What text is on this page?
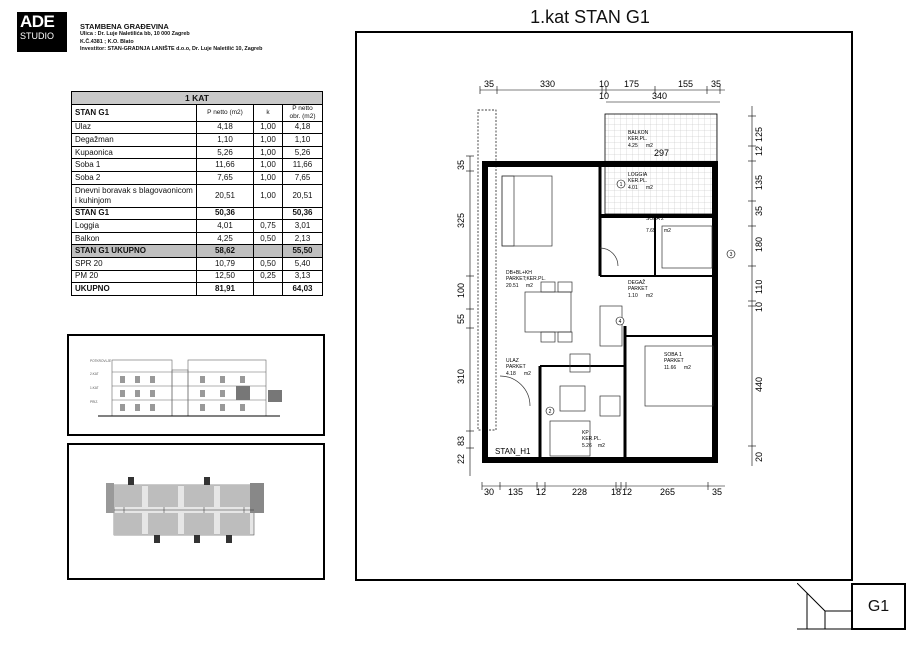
ADE
STUDIO
STAMBENA GRAĐEVINA
Ulica : Dr. Luje Naletilića bb, 10 000 Zagreb
K.Č.4381 ; K.O. Blato
Investitor: STAN-GRADNJA LANIŠTE d.o.o, Dr. Luje Naletilić 10, Zagreb
1 KAT			
STAN G1	P netto (m2)	k	P netto obr. (m2)
Ulaz	4,18	1,00	4,18
Degažman	1,10	1,00	1,10
Kupaonica	5,26	1,00	5,26
Soba 1	11,66	1,00	11,66
Soba 2	7,65	1,00	7,65
Dnevni boravak s blagovaonicom i kuhinjom	20,51	1,00	20,51
STAN G1	50,36		50,36
Loggia	4,01	0,75	3,01
Balkon	4,25	0,50	2,13
STAN G1 UKUPNO	58,62		55,50
SPR 20	10,79	0,50	5,40
PM 20	12,50	0,25	3,13
UKUPNO	81,91		64,03
POTKROVLJE
2.KAT
1.KAT
PRIZ.
1.kat STAN G1
35	330	10 175	155 35
10	340
30 135 12	228	18 12	265	35
35
325
100
55
310
22
83
125
12
135
35
180
110
10
440
20
297
BALKON
KER.PL.
4.25 m2
LOGGIA
KER.PL.
4.01 m2
SOBA 2
7.65 m2
DB+BL+KH
PARKET;KER.PL.
20.51 m2	DEGAŽ
PARKET
1.10 m2
SOBA 1
PARKET
11.66 m2
ULAZ
PARKET
4.18 m2
KP
KER.PL.
5.26 m2
STAN_H1
1
2
3
4
G1
